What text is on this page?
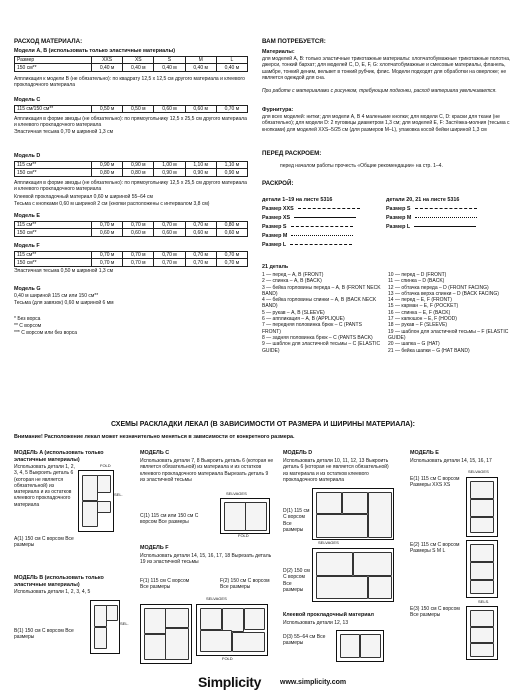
РАСХОД МАТЕРИАЛА:
Модели A, B (использовать только эластичные материалы)
Размер	XXS	XS	S	M	L
150 см**	0,40 м	0,40 м	0,40 м	0,40 м	0,40 м
Аппликация к модели B (не обязательно): по квадрату 12,5 x 12,5 см другого материала и клеевого прокладочного материала
Модель C
115 см/150 см**	0,50 м	0,50 м	0,60 м	0,60 м	0,70 м
Аппликация в форме звезды (не обязательно): по прямоугольнику 12,5 x 25,5 см другого материала и клеевого прокладочного материала
Эластичная тесьма 0,70 м шириной 1,3 см
Модель D
115 см**	0,90 м	0,90 м	1,00 м	1,10 м	1,10 м
150 см**	0,80 м	0,80 м	0,90 м	0,90 м	0,90 м
Аппликация в форме звезды (не обязательно): по прямоугольнику 12,5 x 25,5 см другого материала и клеевого прокладочного материала
Клеевой прокладочный материал 0,60 м шириной 55–64 см
Тесьма с кнопками 0,60 м шириной 2 см (кнопки расположены с интервалом 3,8 см)
Модель E
115 см**	0,70 м	0,70 м	0,70 м	0,70 м	0,80 м
150 см**	0,60 м	0,60 м	0,60 м	0,60 м	0,60 м
Модель F
115 см**	0,70 м	0,70 м	0,70 м	0,70 м	0,70 м
150 см**	0,70 м	0,70 м	0,70 м	0,70 м	0,70 м
Эластичная тесьма 0,50 м шириной 1,3 см
Модель G
0,40 м шириной 115 см или 150 см**
Тесьма (для завязок) 0,60 м шириной 6 мм
* Без ворса
** С ворсом
*** С ворсом или без ворса
ВАМ ПОТРЕБУЕТСЯ:
Материалы:
для моделей A, B: только эластичные трикотажные материалы: хлопчатобумажные трикотажные полотна, джерси, тонкий бархат; для моделей C, D, E, F, G: хлопчатобумажные и смесовые материалы, фланель, шамбре, тонкий деним, вельвет в тонкий рубчик, флис. Модели подходят для обработки на оверлоке; не является одеждой для сна.
При работе с материалами с рисунком, требующим подгонки, расход материала увеличивается.
Фурнитура:
для всех моделей: нитки; для модели A, B 4 маленькие кнопки; для модели C, D: краски для ткани (не обязательно); для модели D: 2 пуговицы диаметром 1,3 см; для моделей E, F: Застёжка-молния (тесьма с кнопками) для моделей XXS–5/25 см (для размеров M–L), упаковка косой бейки шириной 1,3 см
ПЕРЕД РАСКРОЕМ:
перед началом работы прочесть «Общие рекомендации» на стр. 1–4.
РАСКРОЙ:
детали 1–19 на листе 5316
Размер XXS
Размер XS
Размер S
Размер M
Размер L
детали 20, 21 на листе 5316
Размер S
Размер M
Размер L
21 деталь
1 — перед – A, B (FRONT)
2 — спинка – A, B (BACK)
3 — бейка горловины переда – A, B (FRONT NECK BAND)
4 — бейка горловины спинки – A, B (BACK NECK BAND)
5 — рукав – A, B (SLEEVE)
6 — аппликация – A, B (APPLIQUE)
7 — передняя половинка брюк – C (PANTS FRONT)
8 — задняя половинка брюк – C (PANTS BACK)
9 — шаблон для эластичной тесьмы – C (ELASTIC GUIDE)
10 — перед – D (FRONT)
11 — спинка – D (BACK)
12 — обтачка переда – D (FRONT FACING)
13 — обтачка верха спинки – D (BACK FACING)
14 — перед – E, F (FRONT)
15 — карман – E, F (POCKET)
16 — спинка – E, F (BACK)
17 — капюшон – E, F (HOOD)
18 — рукав – F (SLEEVE)
19 — шаблон для эластичной тесьмы – F (ELASTIC GUIDE)
20 — шапка – G (HAT)
21 — бейка шапки – G (HAT BAND)
СХЕМЫ РАСКЛАДКИ ЛЕКАЛ (В ЗАВИСИМОСТИ ОТ РАЗМЕРА И ШИРИНЫ МАТЕРИАЛА):
Внимание! Расположение лекал может незначительно меняться в зависимости от конкретного размера.
МОДЕЛЬ A (использовать только эластичные материалы)
Использовать детали 1, 2, 3, 4, 5 Выкроить деталь 6 (которая не является обязательной) из материала и из остатков клеевого прокладочного материала
SEL.
FOLD
A(1) 150 см С ворсом Все размеры
МОДЕЛЬ B (использовать только эластичные материалы)
Использовать детали 1, 2, 3, 4, 5
SEL.
B(1) 150 см С ворсом Все размеры
МОДЕЛЬ C
Использовать детали 7, 8 Выкроить деталь 6 (которая не является обязательной) из материала и из остатков клеевого прокладочного материала Вырезать деталь 9 из эластичной тесьмы
SELVAGES
FOLD
C(1) 115 см или 150 см С ворсом Все размеры
МОДЕЛЬ F
Использовать детали 14, 15, 16, 17, 18 Вырезать деталь 19 из эластичной тесьмы
F(1) 115 см С ворсом Все размеры
F(2) 150 см С ворсом Все размеры
SELVAGES
FOLD
МОДЕЛЬ D
Использовать детали 10, 11, 12, 13 Выкроить деталь 6 (которая не является обязательной) из материала и из остатков клеевого прокладочного материала
D(1) 115 см С ворсом Все размеры
SELVAGES
D(2) 150 см С ворсом Все размеры
Клеевой прокладочный материал
Использовать детали 12, 13
D(3) 55–64 см Все размеры
МОДЕЛЬ E
Использовать детали 14, 15, 16, 17
E(1) 115 см С ворсом Размеры XXS XS
SELVAGES
E(2) 115 см С ворсом Размеры S M L
E(3) 150 см С ворсом Все размеры
SELS.
Simplicity	www.simplicity.com
